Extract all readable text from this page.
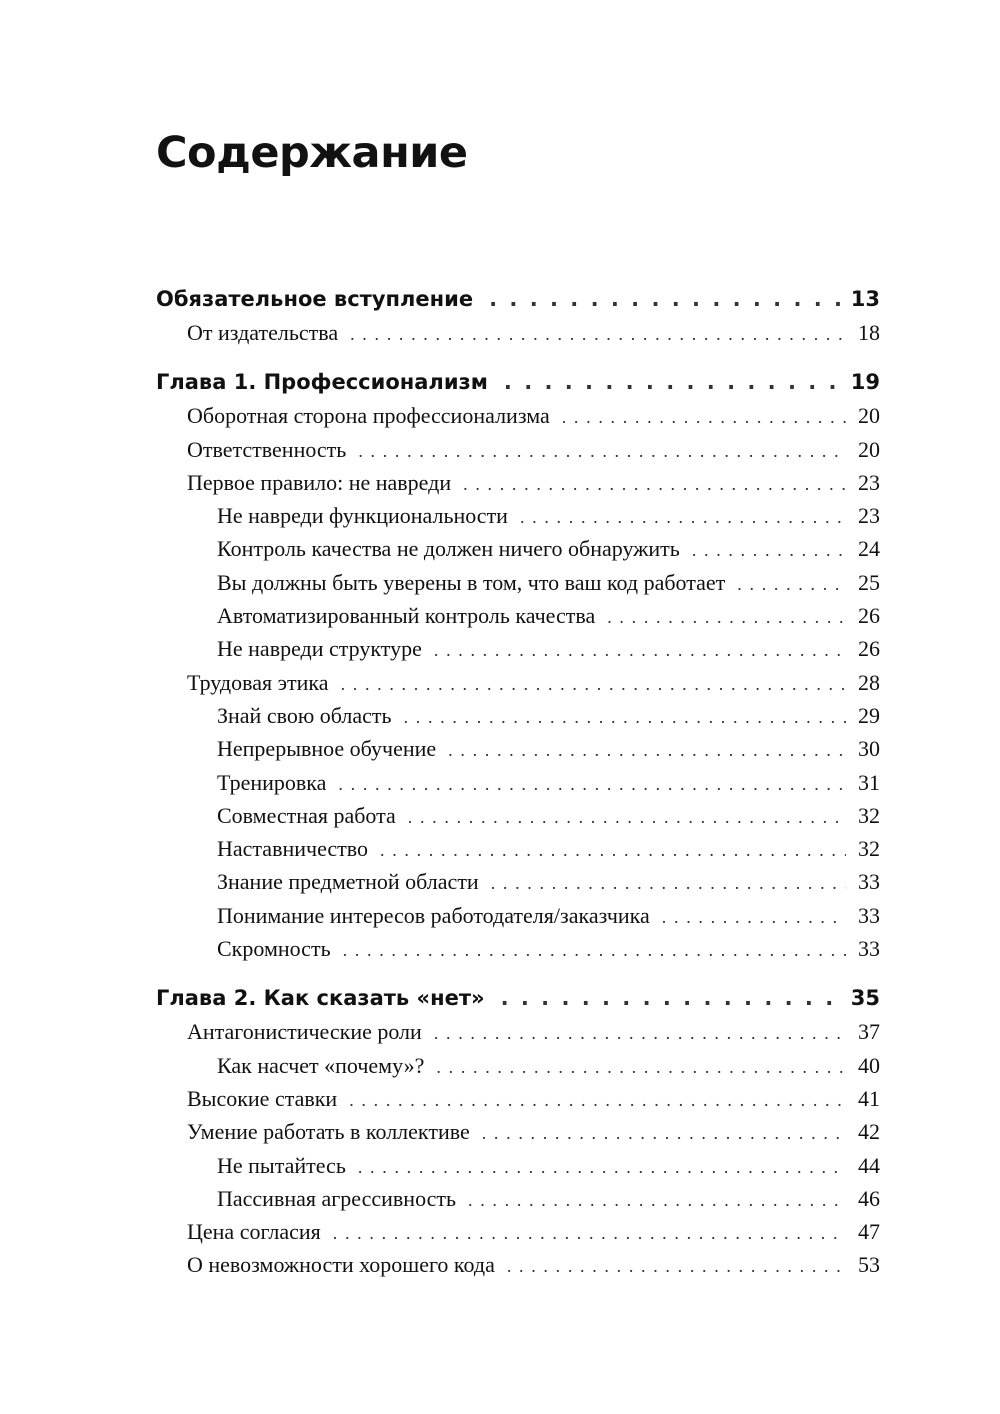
Содержание
Обязательное вступление . . .	13
От издательства . . .	18
Глава 1. Профессионализм . . .	19
Оборотная сторона профессионализма . . .	20
Ответственность . . .	20
Первое правило: не навреди . . .	23
Не навреди функциональности . . .	23
Контроль качества не должен ничего обнаружить . . .	24
Вы должны быть уверены в том, что ваш код работает . . .	25
Автоматизированный контроль качества . . .	26
Не навреди структуре . . .	26
Трудовая этика . . .	28
Знай свою область . . .	29
Непрерывное обучение . . .	30
Тренировка . . .	31
Совместная работа . . .	32
Наставничество . . .	32
Знание предметной области . . .	33
Понимание интересов работодателя/заказчика . . .	33
Скромность . . .	33
Глава 2. Как сказать «нет» . . .	35
Антагонистические роли . . .	37
Как насчет «почему»? . . .	40
Высокие ставки . . .	41
Умение работать в коллективе . . .	42
Не пытайтесь . . .	44
Пассивная агрессивность . . .	46
Цена согласия . . .	47
О невозможности хорошего кода . . .	53
